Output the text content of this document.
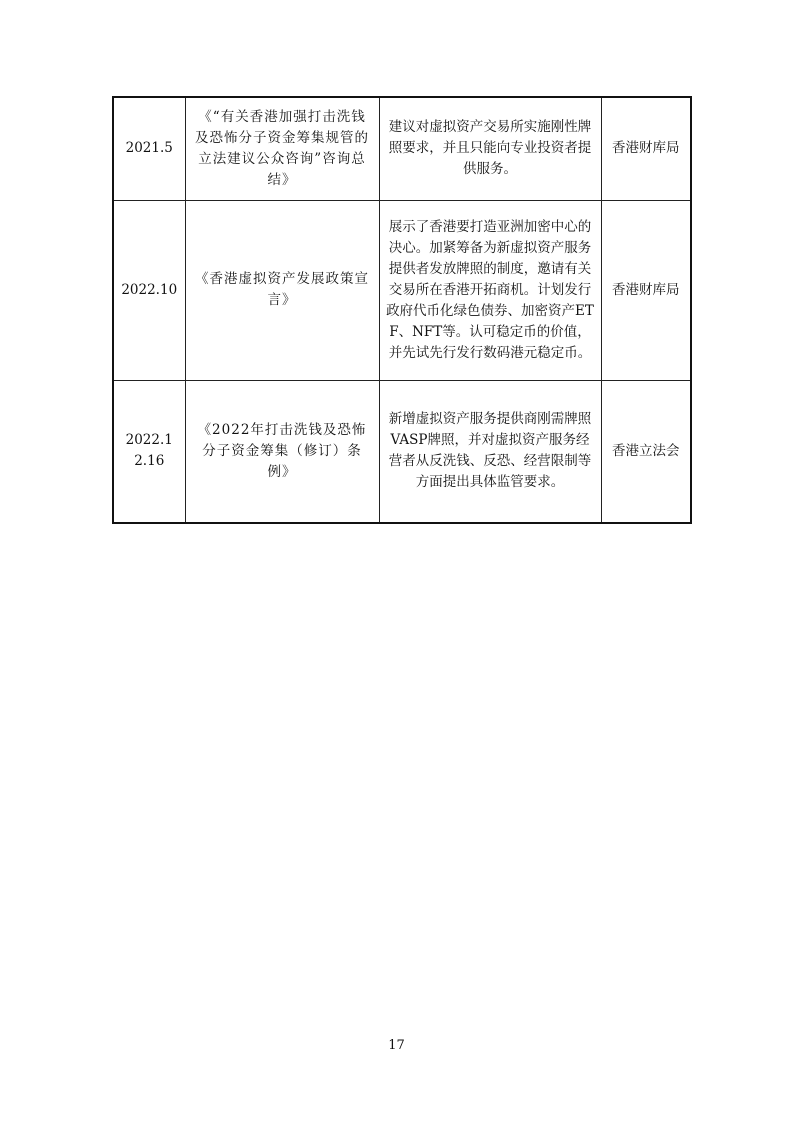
2021.5	《“有关香港加强打击洗钱及恐怖分子资金筹集规管的立法建议公众咨询”咨询总结》	建议对虚拟资产交易所实施刚性牌照要求，并且只能向专业投资者提供服务。	香港财库局
2022.10	《香港虚拟资产发展政策宣言》	展示了香港要打造亚洲加密中心的决心。加紧筹备为新虚拟资产服务提供者发放牌照的制度，邀请有关交易所在香港开拓商机。计划发行政府代币化绿色债券、加密资产ETF、NFT等。认可稳定币的价值，并先试先行发行数码港元稳定币。	香港财库局
2022.12.16	《2022年打击洗钱及恐怖分子资金筹集（修订）条例》	新增虚拟资产服务提供商刚需牌照VASP牌照，并对虚拟资产服务经营者从反洗钱、反恐、经营限制等方面提出具体监管要求。	香港立法会
17
